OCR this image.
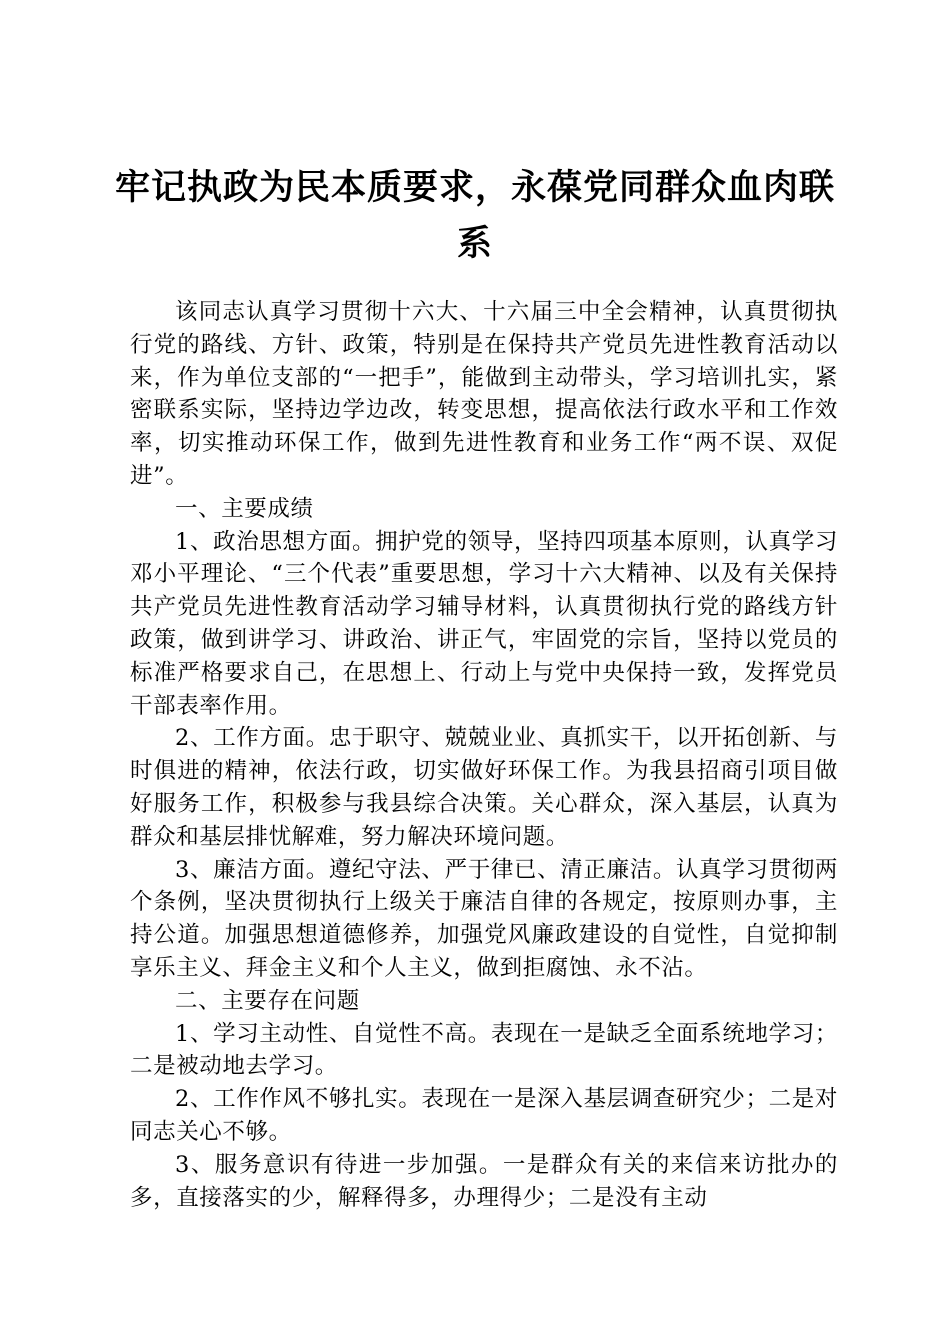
牢记执政为民本质要求，永葆党同群众血肉联系

该同志认真学习贯彻十六大、十六届三中全会精神，认真贯彻执行党的路线、方针、政策，特别是在保持共产党员先进性教育活动以来，作为单位支部的“一把手”，能做到主动带头，学习培训扎实，紧密联系实际，坚持边学边改，转变思想，提高依法行政水平和工作效率，切实推动环保工作，做到先进性教育和业务工作“两不误、双促进”。

一、主要成绩

1、政治思想方面。拥护党的领导，坚持四项基本原则，认真学习邓小平理论、“三个代表”重要思想，学习十六大精神、以及有关保持共产党员先进性教育活动学习辅导材料，认真贯彻执行党的路线方针政策，做到讲学习、讲政治、讲正气，牢固党的宗旨，坚持以党员的标准严格要求自己，在思想上、行动上与党中央保持一致，发挥党员干部表率作用。

2、工作方面。忠于职守、兢兢业业、真抓实干，以开拓创新、与时俱进的精神，依法行政，切实做好环保工作。为我县招商引项目做好服务工作，积极参与我县综合决策。关心群众，深入基层，认真为群众和基层排忧解难，努力解决环境问题。

3、廉洁方面。遵纪守法、严于律已、清正廉洁。认真学习贯彻两个条例，坚决贯彻执行上级关于廉洁自律的各规定，按原则办事，主持公道。加强思想道德修养，加强党风廉政建设的自觉性，自觉抑制享乐主义、拜金主义和个人主义，做到拒腐蚀、永不沾。

二、主要存在问题

1、学习主动性、自觉性不高。表现在一是缺乏全面系统地学习；二是被动地去学习。

2、工作作风不够扎实。表现在一是深入基层调查研究少；二是对同志关心不够。

3、服务意识有待进一步加强。一是群众有关的来信来访批办的多，直接落实的少，解释得多，办理得少；二是没有主动
